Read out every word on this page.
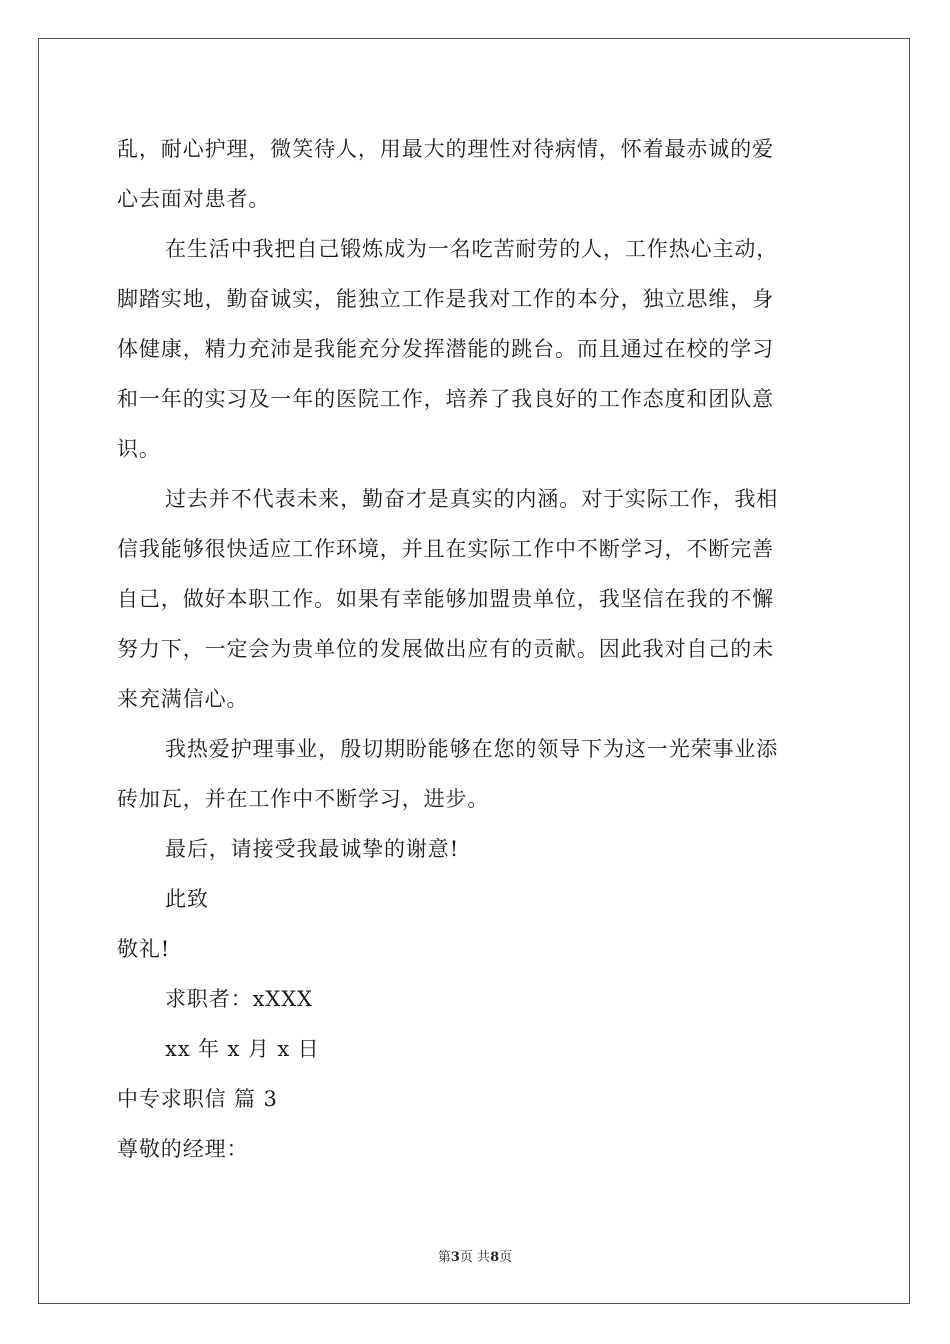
乱，耐心护理，微笑待人，用最大的理性对待病情，怀着最赤诚的爱
心去面对患者。
在生活中我把自己锻炼成为一名吃苦耐劳的人，工作热心主动，
脚踏实地，勤奋诚实，能独立工作是我对工作的本分，独立思维，身
体健康，精力充沛是我能充分发挥潜能的跳台。而且通过在校的学习
和一年的实习及一年的医院工作，培养了我良好的工作态度和团队意
识。
过去并不代表未来，勤奋才是真实的内涵。对于实际工作，我相
信我能够很快适应工作环境，并且在实际工作中不断学习，不断完善
自己，做好本职工作。如果有幸能够加盟贵单位，我坚信在我的不懈
努力下，一定会为贵单位的发展做出应有的贡献。因此我对自己的未
来充满信心。
我热爱护理事业，殷切期盼能够在您的领导下为这一光荣事业添
砖加瓦，并在工作中不断学习，进步。
最后，请接受我最诚挚的谢意!
此致
敬礼!
求职者：xXXX
xx 年 x 月 x 日
中专求职信 篇 3
尊敬的经理：
第3页 共8页
